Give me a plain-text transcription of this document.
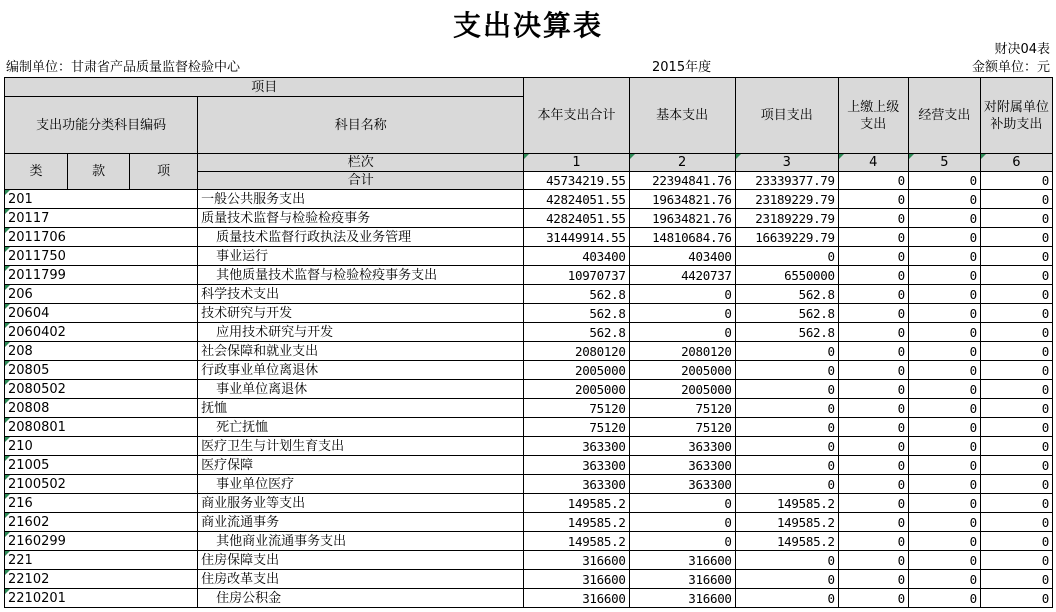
支出决算表
财决04表
编制单位：甘肃省产品质量监督检验中心	2015年度	金额单位：元
项目				本年支出合计	基本支出	项目支出	上缴上级支出	经营支出	对附属单位补助支出
支出功能分类科目编码			科目名称						
类	款	项	栏次	1	2	3	4	5	6
			合计	45734219.55	22394841.76	23339377.79	0	0	0
201			一般公共服务支出	42824051.55	19634821.76	23189229.79	0	0	0
20117			质量技术监督与检验检疫事务	42824051.55	19634821.76	23189229.79	0	0	0
2011706			质量技术监督行政执法及业务管理	31449914.55	14810684.76	16639229.79	0	0	0
2011750			事业运行	403400	403400	0	0	0	0
2011799			其他质量技术监督与检验检疫事务支出	10970737	4420737	6550000	0	0	0
206			科学技术支出	562.8	0	562.8	0	0	0
20604			技术研究与开发	562.8	0	562.8	0	0	0
2060402			应用技术研究与开发	562.8	0	562.8	0	0	0
208			社会保障和就业支出	2080120	2080120	0	0	0	0
20805			行政事业单位离退休	2005000	2005000	0	0	0	0
2080502			事业单位离退休	2005000	2005000	0	0	0	0
20808			抚恤	75120	75120	0	0	0	0
2080801			死亡抚恤	75120	75120	0	0	0	0
210			医疗卫生与计划生育支出	363300	363300	0	0	0	0
21005			医疗保障	363300	363300	0	0	0	0
2100502			事业单位医疗	363300	363300	0	0	0	0
216			商业服务业等支出	149585.2	0	149585.2	0	0	0
21602			商业流通事务	149585.2	0	149585.2	0	0	0
2160299			其他商业流通事务支出	149585.2	0	149585.2	0	0	0
221			住房保障支出	316600	316600	0	0	0	0
22102			住房改革支出	316600	316600	0	0	0	0
2210201			住房公积金	316600	316600	0	0	0	0
